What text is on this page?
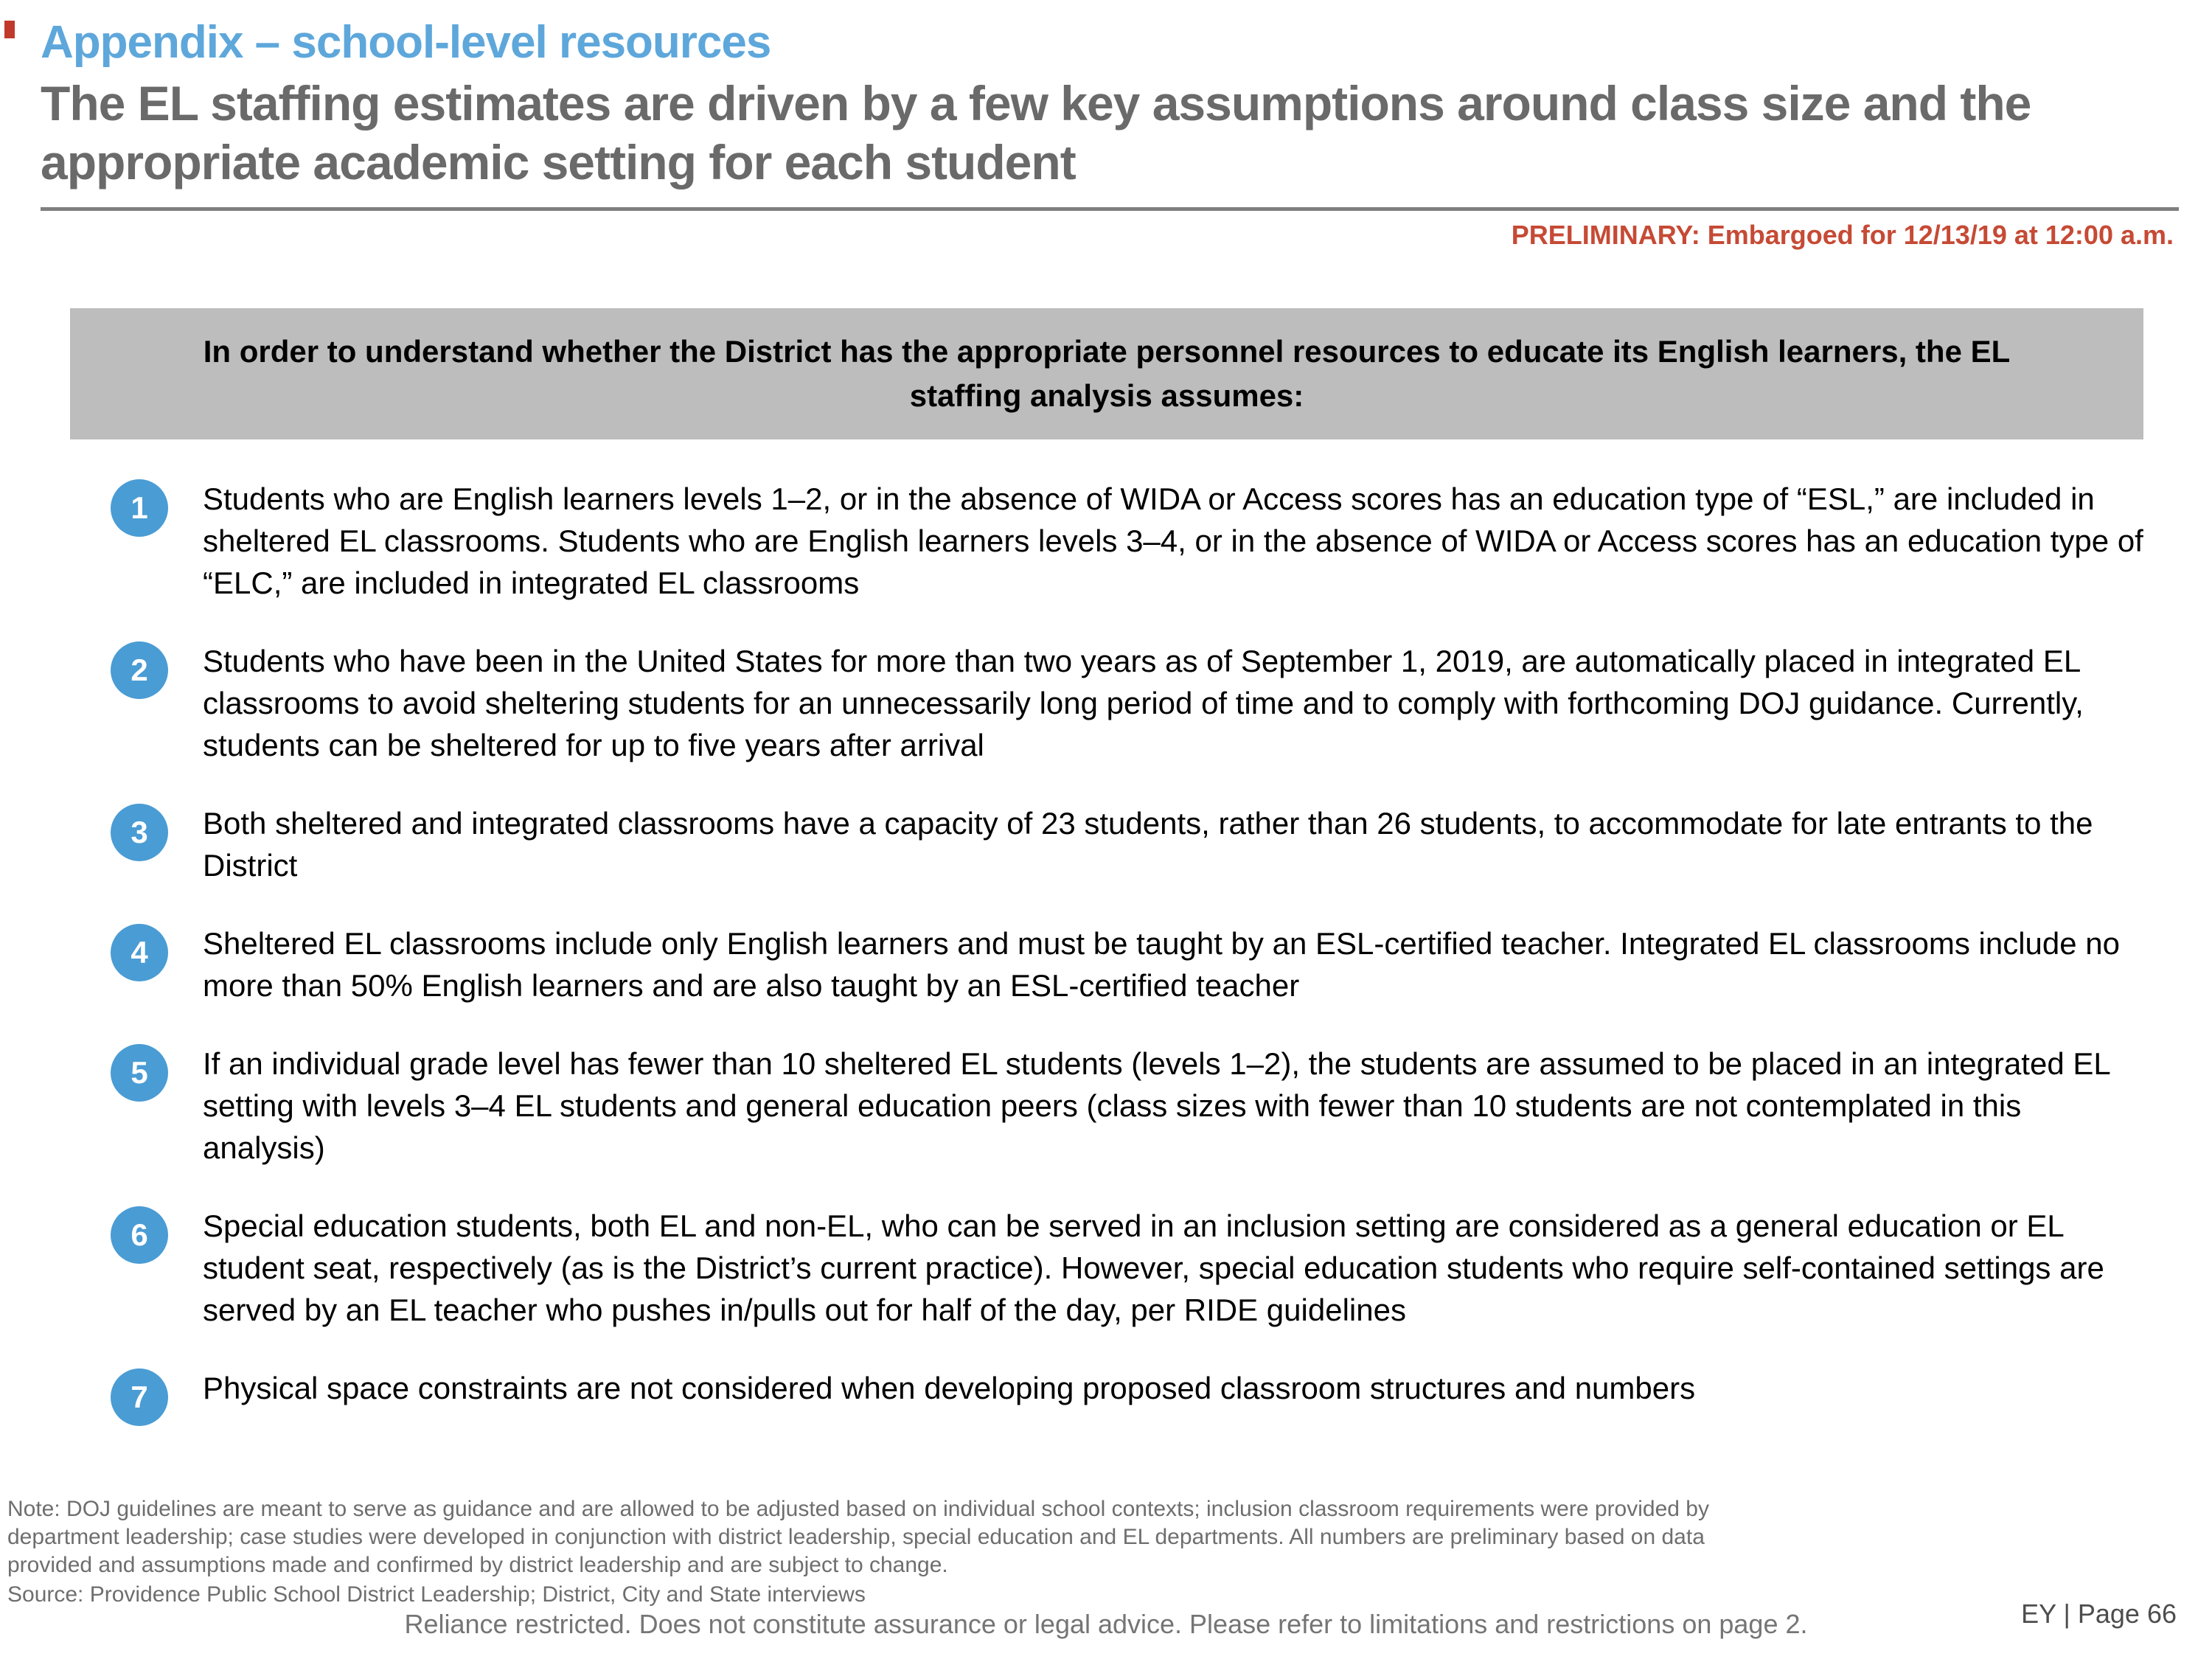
Appendix – school-level resources
The EL staffing estimates are driven by a few key assumptions around class size and the appropriate academic setting for each student
PRELIMINARY: Embargoed for 12/13/19 at 12:00 a.m.
In order to understand whether the District has the appropriate personnel resources to educate its English learners, the EL staffing analysis assumes:
1	Students who are English learners levels 1–2, or in the absence of WIDA or Access scores has an education type of “ESL,” are included in sheltered EL classrooms. Students who are English learners levels 3–4, or in the absence of WIDA or Access scores has an education type of “ELC,” are included in integrated EL classrooms
2	Students who have been in the United States for more than two years as of September 1, 2019, are automatically placed in integrated EL classrooms to avoid sheltering students for an unnecessarily long period of time and to comply with forthcoming DOJ guidance. Currently, students can be sheltered for up to five years after arrival
3	Both sheltered and integrated classrooms have a capacity of 23 students, rather than 26 students, to accommodate for late entrants to the District
4	Sheltered EL classrooms include only English learners and must be taught by an ESL-certified teacher. Integrated EL classrooms include no more than 50% English learners and are also taught by an ESL-certified teacher
5	If an individual grade level has fewer than 10 sheltered EL students (levels 1–2), the students are assumed to be placed in an integrated EL setting with levels 3–4 EL students and general education peers (class sizes with fewer than 10 students are not contemplated in this analysis)
6	Special education students, both EL and non-EL, who can be served in an inclusion setting are considered as a general education or EL student seat, respectively (as is the District’s current practice). However, special education students who require self-contained settings are served by an EL teacher who pushes in/pulls out for half of the day, per RIDE guidelines
7	Physical space constraints are not considered when developing proposed classroom structures and numbers
Note: DOJ guidelines are meant to serve as guidance and are allowed to be adjusted based on individual school contexts; inclusion classroom requirements were provided by department leadership; case studies were developed in conjunction with district leadership, special education and EL departments. All numbers are preliminary based on data provided and assumptions made and confirmed by district leadership and are subject to change.
Source: Providence Public School District Leadership; District, City and State interviews
Reliance restricted. Does not constitute assurance or legal advice. Please refer to limitations and restrictions on page 2.	EY | Page 66
